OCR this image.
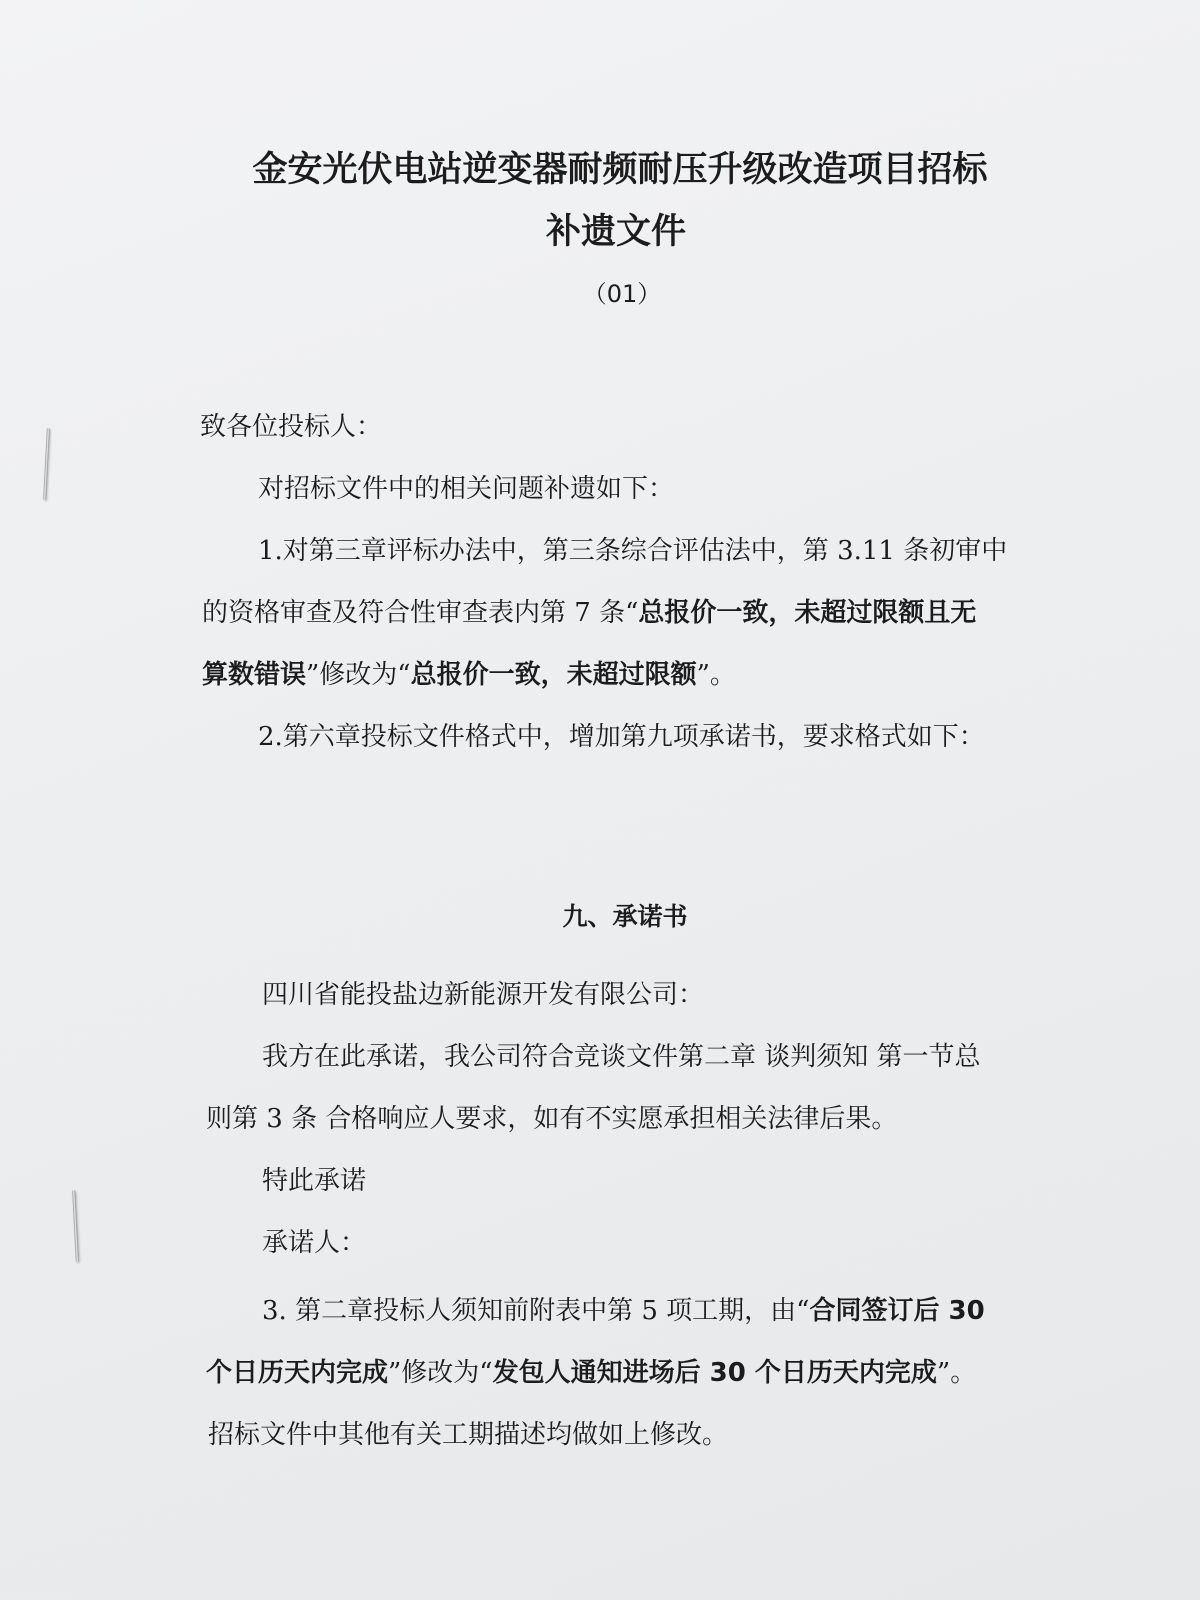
金安光伏电站逆变器耐频耐压升级改造项目招标
补遗文件
（01）
致各位投标人：
对招标文件中的相关问题补遗如下：
1.对第三章评标办法中，第三条综合评估法中，第 3.11 条初审中
的资格审查及符合性审查表内第 7 条“总报价一致，未超过限额且无
算数错误”修改为“总报价一致，未超过限额”。
2.第六章投标文件格式中，增加第九项承诺书，要求格式如下：
九、承诺书
四川省能投盐边新能源开发有限公司：
我方在此承诺，我公司符合竞谈文件第二章 谈判须知 第一节总
则第 3 条 合格响应人要求，如有不实愿承担相关法律后果。
特此承诺
承诺人：
3. 第二章投标人须知前附表中第 5 项工期，由“合同签订后 30
个日历天内完成”修改为“发包人通知进场后 30 个日历天内完成”。
招标文件中其他有关工期描述均做如上修改。
